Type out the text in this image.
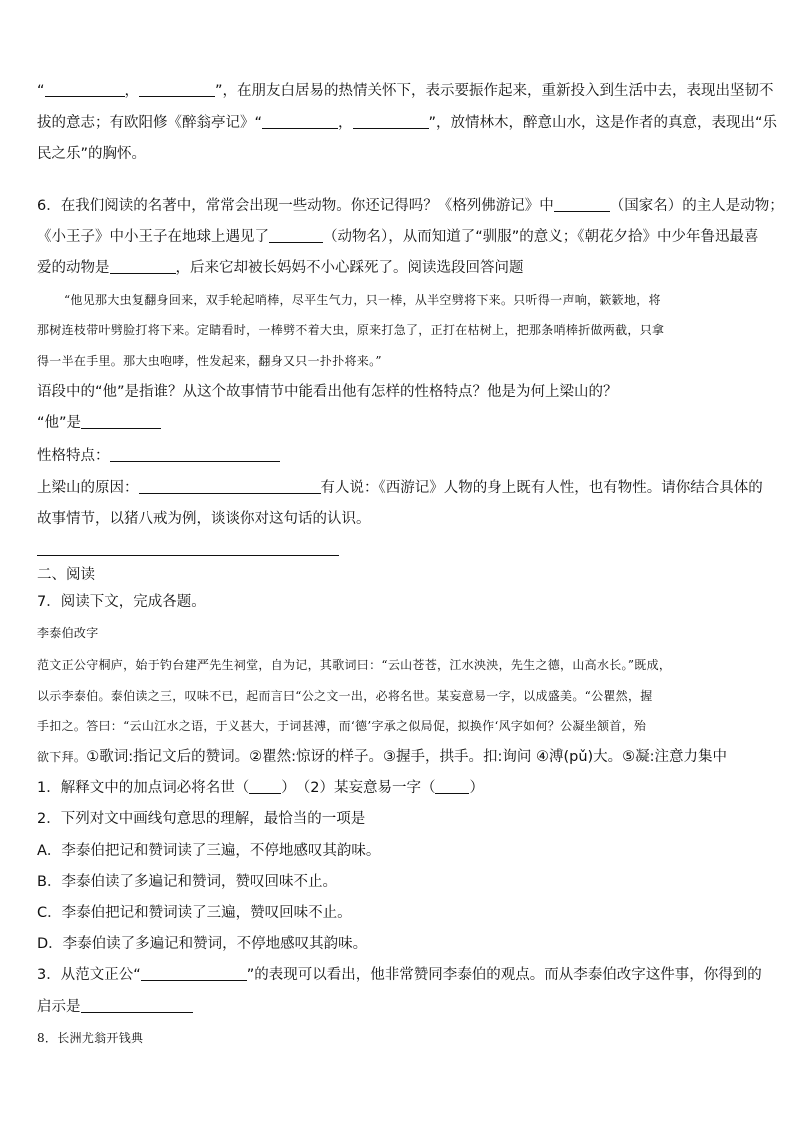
“	，	”，在朋友白居易的热情关怀下，表示要振作起来，重新投入到生活中去，表现出坚韧不
拔的意志；有欧阳修《醉翁亭记》“	，	”，放情林木，醉意山水，这是作者的真意，表现出“乐
民之乐”的胸怀。
6．在我们阅读的名著中，常常会出现一些动物。你还记得吗？《格列佛游记》中	（国家名）的主人是动物；
《小王子》中小王子在地球上遇见了	（动物名），从而知道了“驯服”的意义；《朝花夕拾》中少年鲁迅最喜
爱的动物是	，后来它却被长妈妈不小心踩死了。阅读选段回答问题
“他见那大虫复翻身回来，双手轮起哨棒，尽平生气力，只一棒，从半空劈将下来。只听得一声响，簌簌地，将
那树连枝带叶劈脸打将下来。定睛看时，一棒劈不着大虫，原来打急了，正打在枯树上，把那条哨棒折做两截，只拿
得一半在手里。那大虫咆哮，性发起来，翻身又只一扑扑将来。”
语段中的“他”是指谁？从这个故事情节中能看出他有怎样的性格特点？他是为何上梁山的？
“他”是
性格特点：
上梁山的原因：	有人说：《西游记》人物的身上既有人性，也有物性。请你结合具体的
故事情节，以猪八戒为例，谈谈你对这句话的认识。
二、阅读
7．阅读下文，完成各题。
李泰伯改字
范文正公守桐庐，始于钓台建严先生祠堂，自为记，其歌词曰：“云山苍苍，江水泱泱，先生之德，山高水长。”既成，
以示李泰伯。泰伯读之三，叹味不已，起而言曰“公之文一出，必将名世。某妄意易一字，以成盛美。“公瞿然，握
手扣之。答曰：“云山江水之语，于义甚大，于词甚溥，而‘德’字承之似局促，拟换作‘风字如何？公凝坐颔首，殆
欲下拜。①歌词:指记文后的赞词。②瞿然:惊讶的样子。③握手，拱手。扣:询问 ④溥(pǔ)大。⑤凝:注意力集中
1．解释文中的加点词必将名世（ ）　（2）某妄意易一字（ ）
2．下列对文中画线句意思的理解，最恰当的一项是
A．李泰伯把记和赞词读了三遍，不停地感叹其韵味。
B．李泰伯读了多遍记和赞词，赞叹回味不止。
C．李泰伯把记和赞词读了三遍，赞叹回味不止。
D．李泰伯读了多遍记和赞词，不停地感叹其韵味。
3．从范文正公“	”的表现可以看出，他非常赞同李泰伯的观点。而从李泰伯改字这件事，你得到的
启示是
8．长洲尤翁开钱典
